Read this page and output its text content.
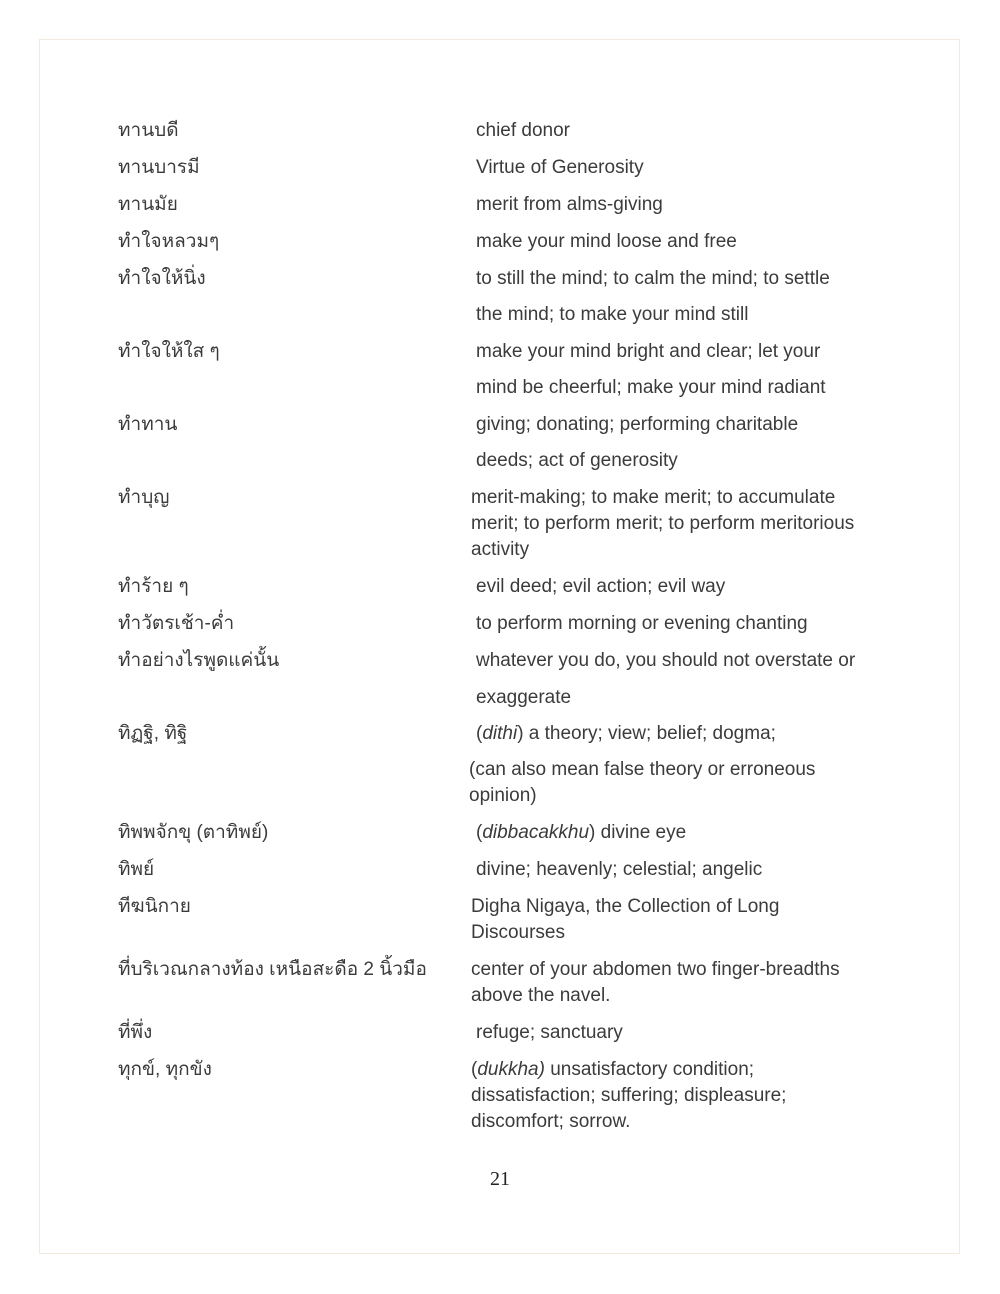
ทานบดี	chief donor
ทานบารมี	Virtue of Generosity
ทานมัย	merit from alms-giving
ทำใจหลวมๆ	make your mind loose and free
ทำใจให้นิ่ง	to still the mind; to calm the mind; to settle
the mind; to make your mind still
ทำใจให้ใส ๆ	make your mind bright and clear; let your
mind be cheerful; make your mind radiant
ทำทาน	giving; donating; performing charitable
deeds; act of generosity
ทำบุญ	merit-making; to make merit; to accumulate merit; to perform merit; to perform meritorious activity
ทำร้าย ๆ	evil deed; evil action; evil way
ทำวัตรเช้า-ค่ำ	to perform morning or evening chanting
ทำอย่างไรพูดแค่นั้น	whatever you do, you should not overstate or
exaggerate
ทิฏฐิ, ทิฐิ	(dithi) a theory; view; belief; dogma;
(can also mean false theory or erroneous opinion)
ทิพพจักขุ (ตาทิพย์)	(dibbacakkhu) divine eye
ทิพย์	divine; heavenly; celestial; angelic
ทีฆนิกาย	Digha Nigaya, the Collection of Long Discourses
ที่บริเวณกลางท้อง เหนือสะดือ 2 นิ้วมือ	center of your abdomen two finger-breadths above the navel.
ที่พึ่ง	refuge; sanctuary
ทุกข์, ทุกขัง	(dukkha) unsatisfactory condition; dissatisfaction; suffering; displeasure; discomfort; sorrow.
21
